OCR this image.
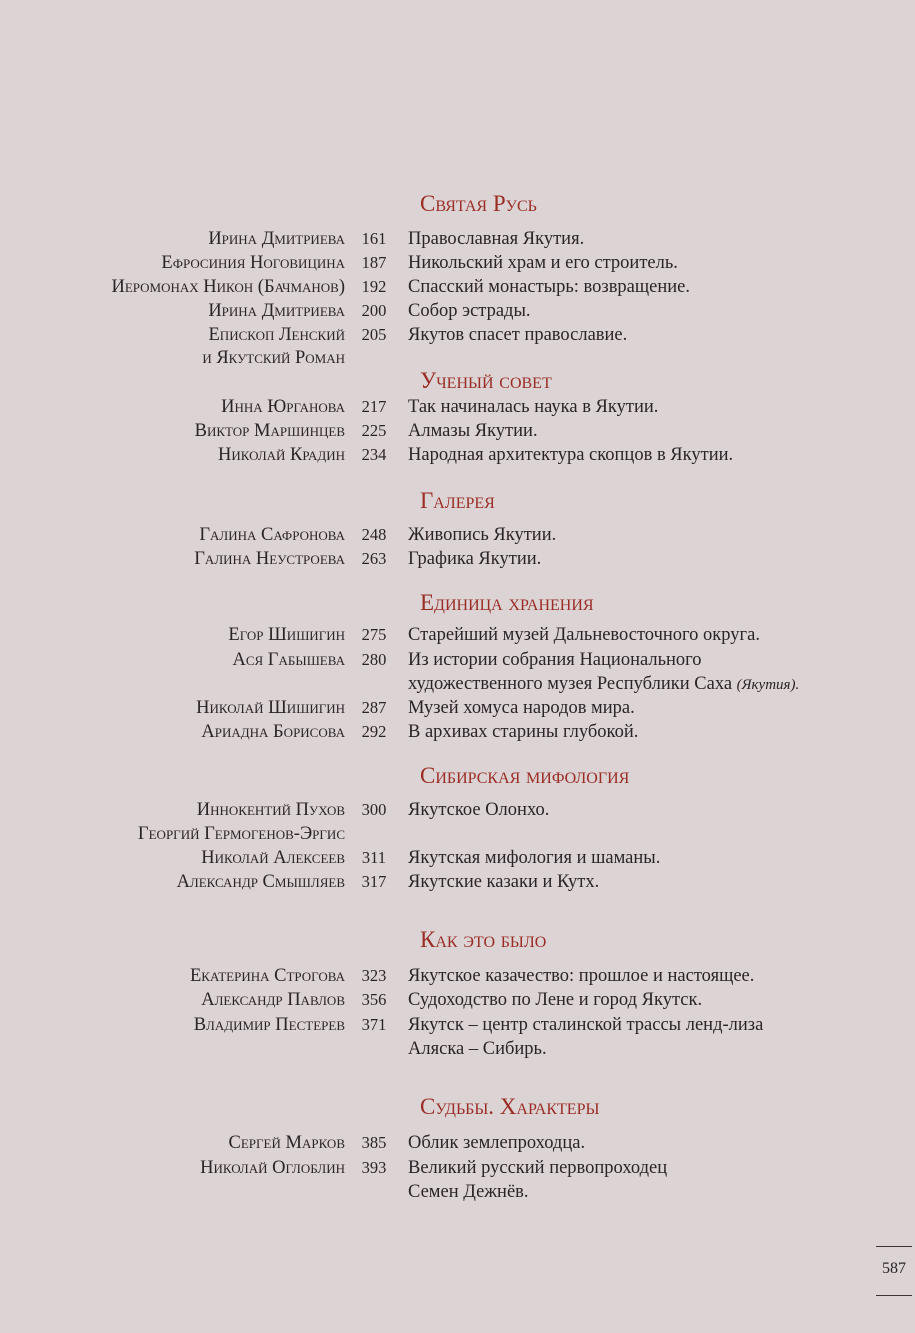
Святая Русь
Ирина Дмитриева	161	Православная Якутия.
Ефросиния Ноговицина	187	Никольский храм и его строитель.
Иеромонах Никон (Бачманов)	192	Спасский монастырь: возвращение.
Ирина Дмитриева	200	Собор эстрады.
Епископ Ленский	205	Якутов спасет православие.
и Якутский Роман
Ученый совет
Инна Юрганова	217	Так начиналась наука в Якутии.
Виктор Маршинцев	225	Алмазы Якутии.
Николай Крадин	234	Народная архитектура скопцов в Якутии.
Галерея
Галина Сафронова	248	Живопись Якутии.
Галина Неустроева	263	Графика Якутии.
Единица хранения
Егор Шишигин	275	Старейший музей Дальневосточного округа.
Ася Габышева	280	Из истории собрания Национального
художественного музея Республики Саха (Якутия).
Николай Шишигин	287	Музей хомуса народов мира.
Ариадна Борисова	292	В архивах старины глубокой.
Сибирская мифология
Иннокентий Пухов	300	Якутское Олонхо.
Георгий Гермогенов-Эргис
Николай Алексеев	311	Якутская мифология и шаманы.
Александр Смышляев	317	Якутские казаки и Кутх.
Как это было
Екатерина Строгова	323	Якутское казачество: прошлое и настоящее.
Александр Павлов	356	Судоходство по Лене и город Якутск.
Владимир Пестерев	371	Якутск – центр сталинской трассы ленд-лиза
Аляска – Сибирь.
Судьбы. Характеры
Сергей Марков	385	Облик землепроходца.
Николай Оглоблин	393	Великий русский первопроходец
Семен Дежнёв.
587
